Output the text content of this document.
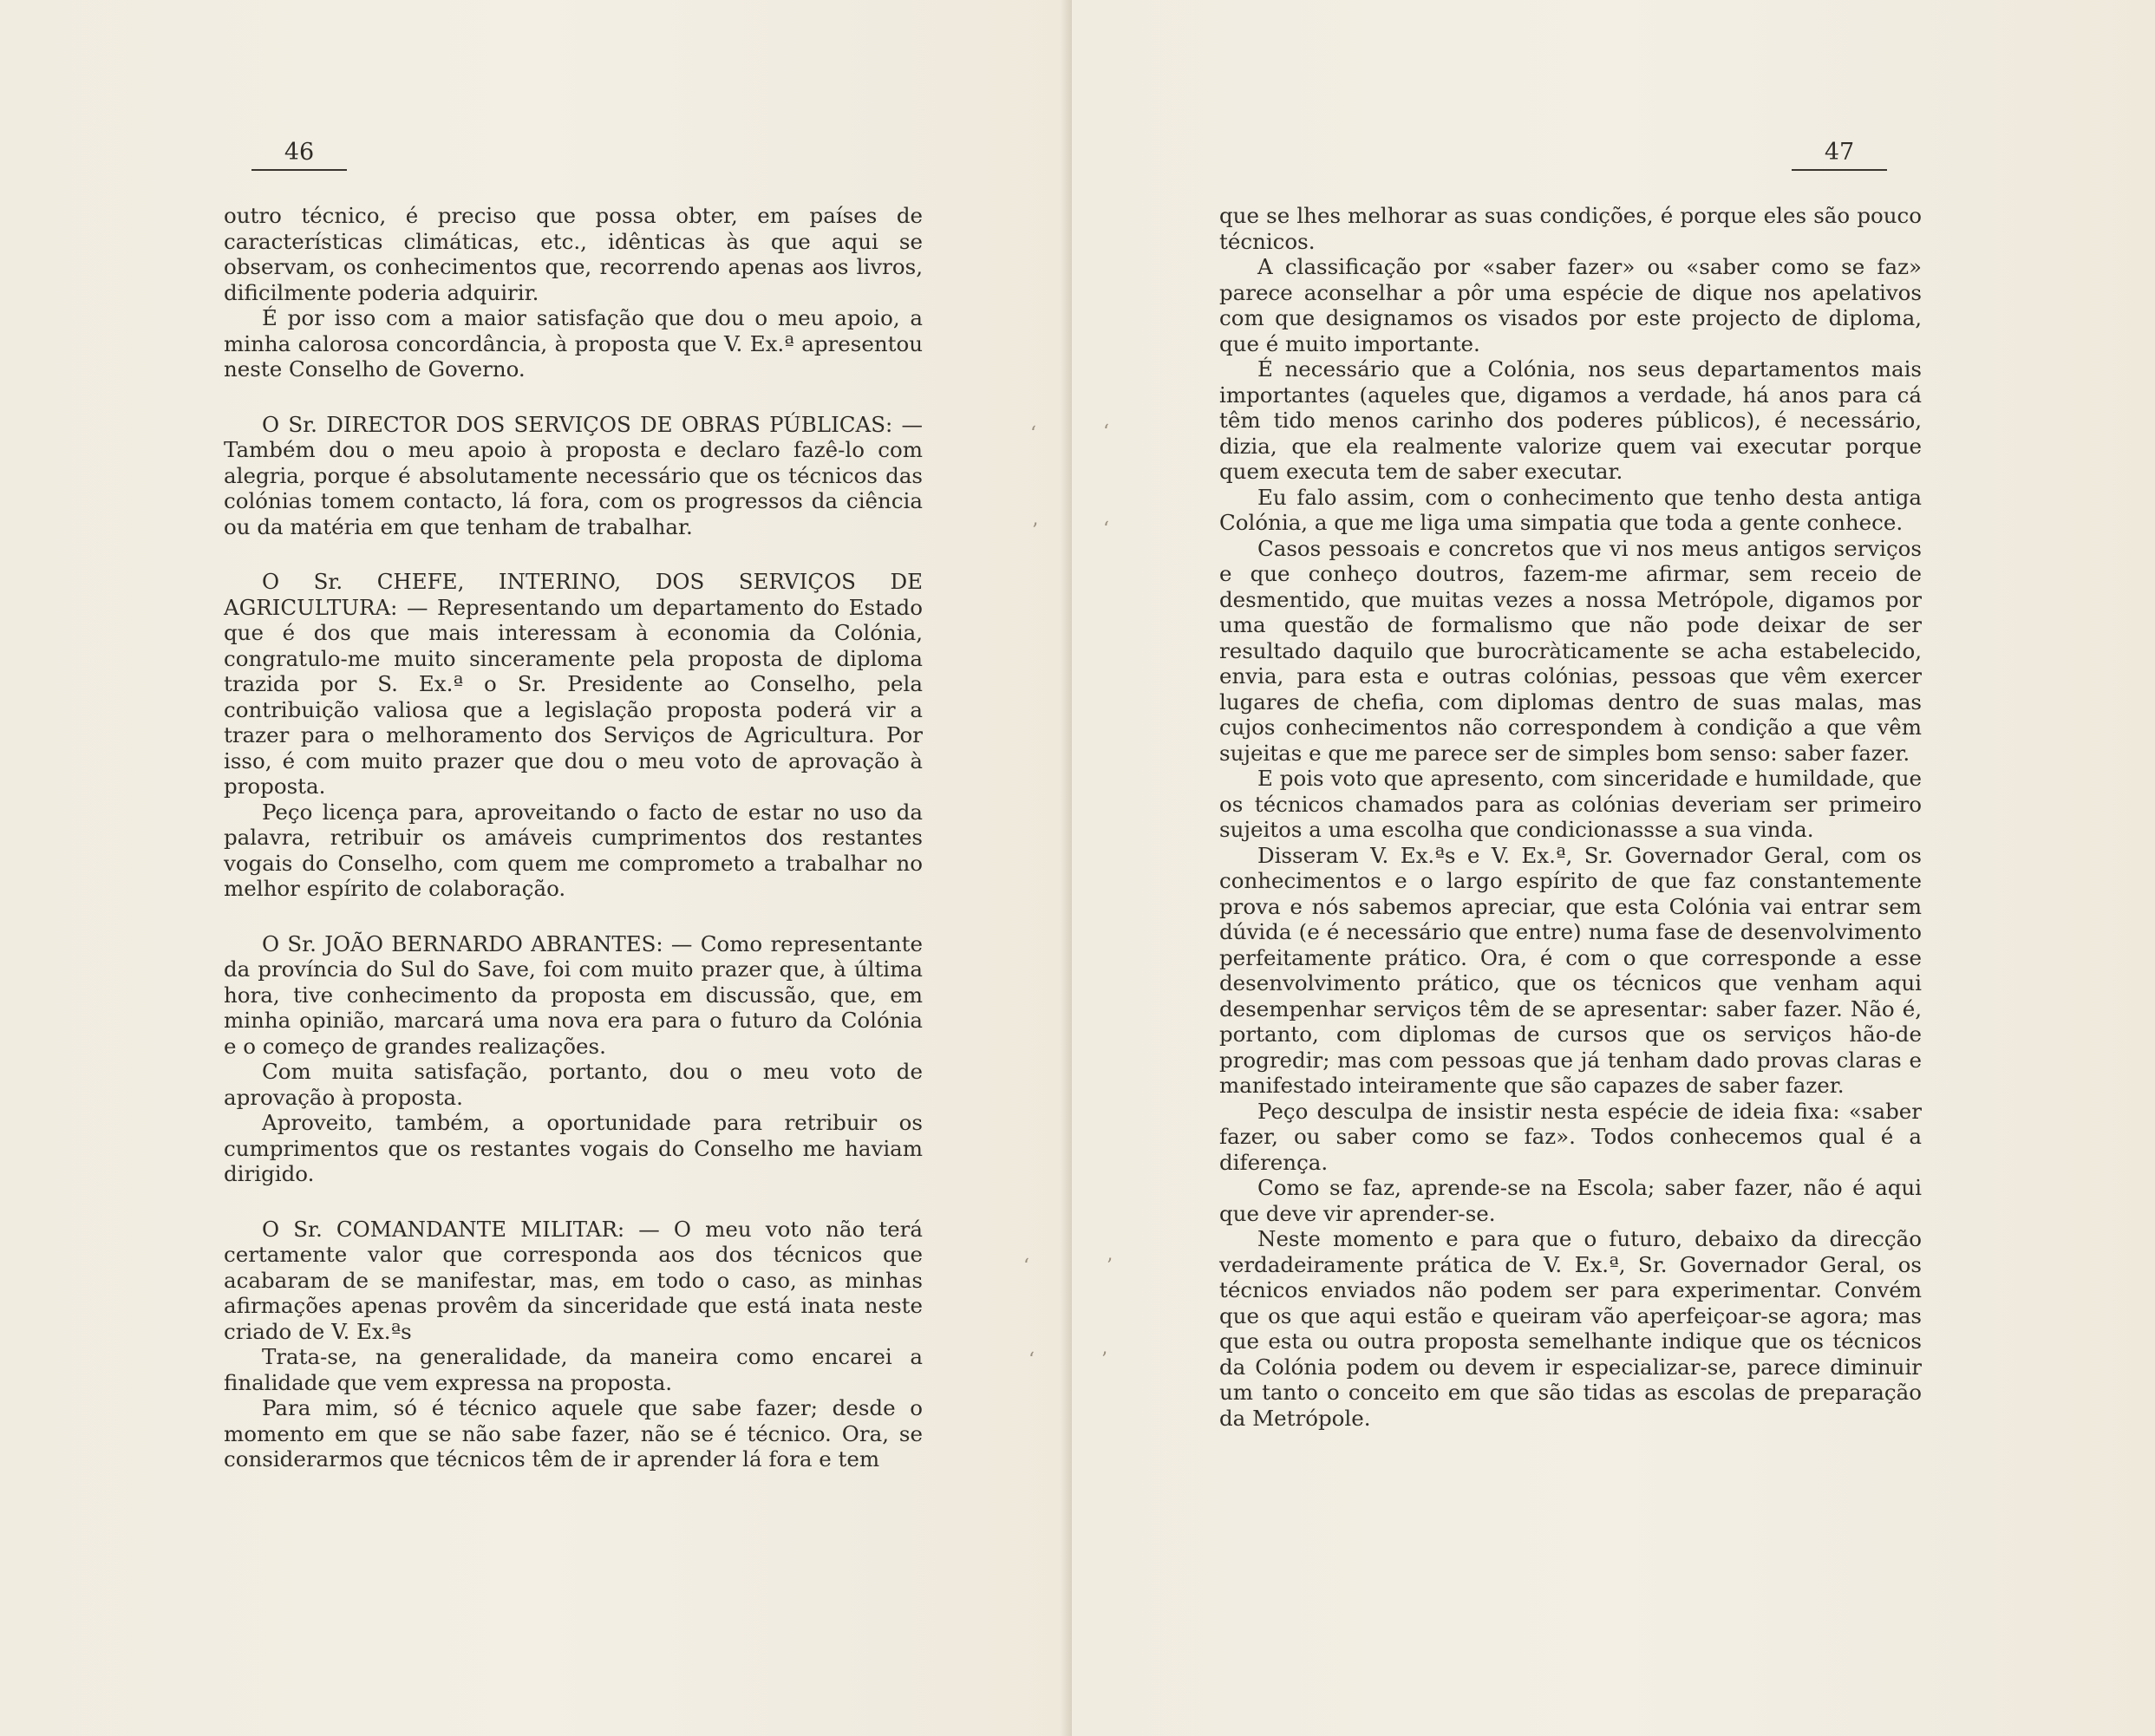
46

outro técnico, é preciso que possa obter, em países de características climáticas, etc., idênticas às que aqui se observam, os conhecimentos que, recorrendo apenas aos livros, dificilmente poderia adquirir.

É por isso com a maior satisfação que dou o meu apoio, a minha calorosa concordância, à proposta que V. Ex.ª apresentou neste Conselho de Governo.

O Sr. DIRECTOR DOS SERVIÇOS DE OBRAS PÚBLICAS: — Também dou o meu apoio à proposta e declaro fazê-lo com alegria, porque é absolutamente necessário que os técnicos das colónias tomem contacto, lá fora, com os progressos da ciência ou da matéria em que tenham de trabalhar.

O Sr. CHEFE, INTERINO, DOS SERVIÇOS DE AGRICULTURA: — Representando um departamento do Estado que é dos que mais interessam à economia da Colónia, congratulo-me muito sinceramente pela proposta de diploma trazida por S. Ex.ª o Sr. Presidente ao Conselho, pela contribuição valiosa que a legislação proposta poderá vir a trazer para o melhoramento dos Serviços de Agricultura. Por isso, é com muito prazer que dou o meu voto de aprovação à proposta.

Peço licença para, aproveitando o facto de estar no uso da palavra, retribuir os amáveis cumprimentos dos restantes vogais do Conselho, com quem me comprometo a trabalhar no melhor espírito de colaboração.

O Sr. JOÃO BERNARDO ABRANTES: — Como representante da província do Sul do Save, foi com muito prazer que, à última hora, tive conhecimento da proposta em discussão, que, em minha opinião, marcará uma nova era para o futuro da Colónia e o começo de grandes realizações.

Com muita satisfação, portanto, dou o meu voto de aprovação à proposta.

Aproveito, também, a oportunidade para retribuir os cumprimentos que os restantes vogais do Conselho me haviam dirigido.

O Sr. COMANDANTE MILITAR: — O meu voto não terá certamente valor que corresponda aos dos técnicos que acabaram de se manifestar, mas, em todo o caso, as minhas afirmações apenas provêm da sinceridade que está inata neste criado de V. Ex.ªs

Trata-se, na generalidade, da maneira como encarei a finalidade que vem expressa na proposta.

Para mim, só é técnico aquele que sabe fazer; desde o momento em que se não sabe fazer, não se é técnico. Ora, se considerarmos que técnicos têm de ir aprender lá fora e tem

47

que se lhes melhorar as suas condições, é porque eles são pouco técnicos.

A classificação por «saber fazer» ou «saber como se faz» parece aconselhar a pôr uma espécie de dique nos apelativos com que designamos os visados por este projecto de diploma, que é muito importante.

É necessário que a Colónia, nos seus departamentos mais importantes (aqueles que, digamos a verdade, há anos para cá têm tido menos carinho dos poderes públicos), é necessário, dizia, que ela realmente valorize quem vai executar porque quem executa tem de saber executar.

Eu falo assim, com o conhecimento que tenho desta antiga Colónia, a que me liga uma simpatia que toda a gente conhece.

Casos pessoais e concretos que vi nos meus antigos serviços e que conheço doutros, fazem-me afirmar, sem receio de desmentido, que muitas vezes a nossa Metrópole, digamos por uma questão de formalismo que não pode deixar de ser resultado daquilo que burocràticamente se acha estabelecido, envia, para esta e outras colónias, pessoas que vêm exercer lugares de chefia, com diplomas dentro de suas malas, mas cujos conhecimentos não correspondem à condição a que vêm sujeitas e que me parece ser de simples bom senso: saber fazer.

E pois voto que apresento, com sinceridade e humildade, que os técnicos chamados para as colónias deveriam ser primeiro sujeitos a uma escolha que condicionassse a sua vinda.

Disseram V. Ex.ªs e V. Ex.ª, Sr. Governador Geral, com os conhecimentos e o largo espírito de que faz constantemente prova e nós sabemos apreciar, que esta Colónia vai entrar sem dúvida (e é necessário que entre) numa fase de desenvolvimento perfeitamente prático. Ora, é com o que corresponde a esse desenvolvimento prático, que os técnicos que venham aqui desempenhar serviços têm de se apresentar: saber fazer. Não é, portanto, com diplomas de cursos que os serviços hão-de progredir; mas com pessoas que já tenham dado provas claras e manifestado inteiramente que são capazes de saber fazer.

Peço desculpa de insistir nesta espécie de ideia fixa: «saber fazer, ou saber como se faz». Todos conhecemos qual é a diferença.

Como se faz, aprende-se na Escola; saber fazer, não é aqui que deve vir aprender-se.

Neste momento e para que o futuro, debaixo da direcção verdadeiramente prática de V. Ex.ª, Sr. Governador Geral, os técnicos enviados não podem ser para experimentar. Convém que os que aqui estão e queiram vão aperfeiçoar-se agora; mas que esta ou outra proposta semelhante indique que os técnicos da Colónia podem ou devem ir especializar-se, parece diminuir um tanto o conceito em que são tidas as escolas de preparação da Metrópole.

‘	‘
’	‘
‘	’
‘	’
